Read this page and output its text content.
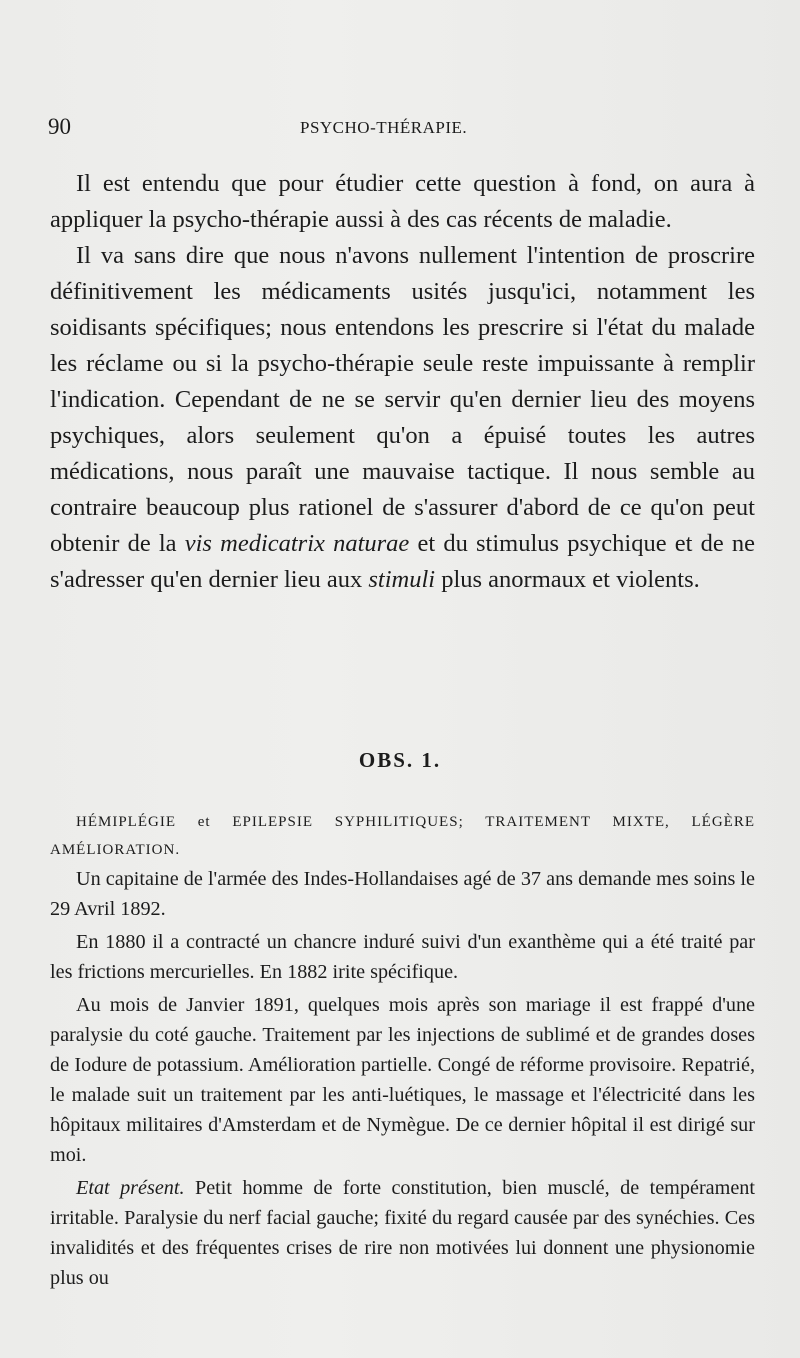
90	PSYCHO-THÉRAPIE.

Il est entendu que pour étudier cette question à fond, on aura à appliquer la psycho-thérapie aussi à des cas récents de maladie.

Il va sans dire que nous n'avons nullement l'intention de proscrire définitivement les médicaments usités jusqu'ici, notamment les soidisants spécifiques; nous entendons les prescrire si l'état du malade les réclame ou si la psycho-thérapie seule reste impuissante à remplir l'indication. Cependant de ne se servir qu'en dernier lieu des moyens psychiques, alors seulement qu'on a épuisé toutes les autres médications, nous paraît une mauvaise tactique. Il nous semble au contraire beaucoup plus rationel de s'assurer d'abord de ce qu'on peut obtenir de la vis medicatrix naturae et du stimulus psychique et de ne s'adresser qu'en dernier lieu aux stimuli plus anormaux et violents.

OBS. 1.
HÉMIPLÉGIE et EPILEPSIE SYPHILITIQUES; TRAITEMENT MIXTE, LÉGÈRE AMÉLIORATION.

Un capitaine de l'armée des Indes-Hollandaises agé de 37 ans demande mes soins le 29 Avril 1892.

En 1880 il a contracté un chancre induré suivi d'un exanthème qui a été traité par les frictions mercurielles. En 1882 irite spécifique.

Au mois de Janvier 1891, quelques mois après son mariage il est frappé d'une paralysie du coté gauche. Traitement par les injections de sublimé et de grandes doses de Iodure de potassium. Amélioration partielle. Congé de réforme provisoire. Repatrié, le malade suit un traitement par les anti-luétiques, le massage et l'électricité dans les hôpitaux militaires d'Amsterdam et de Nymègue. De ce dernier hôpital il est dirigé sur moi.

Etat présent. Petit homme de forte constitution, bien musclé, de tempérament irritable. Paralysie du nerf facial gauche; fixité du regard causée par des synéchies. Ces invalidités et des fréquentes crises de rire non motivées lui donnent une physionomie plus ou
